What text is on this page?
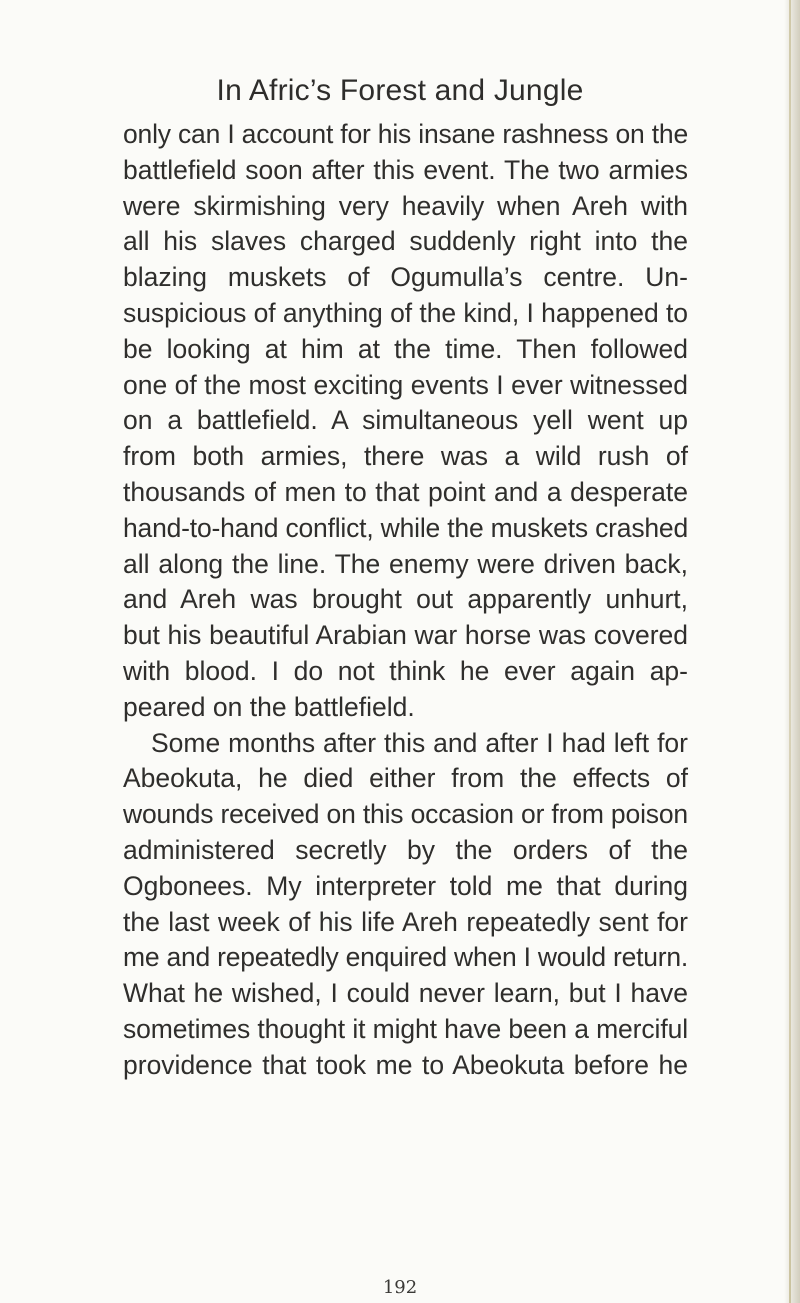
In Afric’s Forest and Jungle

only can I account for his insane rashness on the
battlefield soon after this event. The two armies
were skirmishing very heavily when Areh with
all his slaves charged suddenly right into the
blazing muskets of Ogumulla’s centre. Un-
suspicious of anything of the kind, I happened to
be looking at him at the time. Then followed
one of the most exciting events I ever witnessed
on a battlefield. A simultaneous yell went up
from both armies, there was a wild rush of
thousands of men to that point and a desperate
hand-to-hand conflict, while the muskets crashed
all along the line. The enemy were driven back,
and Areh was brought out apparently unhurt,
but his beautiful Arabian war horse was covered
with blood. I do not think he ever again ap-
peared on the battlefield.

Some months after this and after I had left for
Abeokuta, he died either from the effects of
wounds received on this occasion or from poison
administered secretly by the orders of the
Ogbonees. My interpreter told me that during
the last week of his life Areh repeatedly sent for
me and repeatedly enquired when I would return.
What he wished, I could never learn, but I have
sometimes thought it might have been a merciful
providence that took me to Abeokuta before he

192
